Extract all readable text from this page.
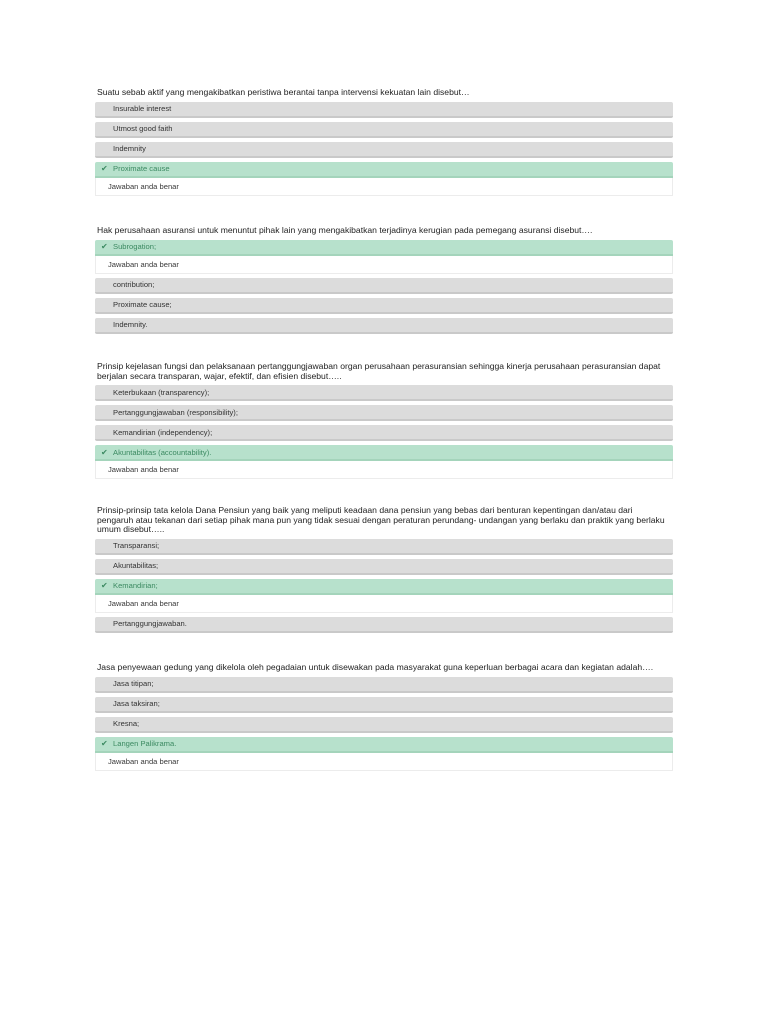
Suatu sebab aktif yang mengakibatkan peristiwa berantai tanpa intervensi kekuatan lain disebut…

Insurable interest
Utmost good faith
Indemnity
✔ Proximate cause
Jawaban anda benar

Hak perusahaan asuransi untuk menuntut pihak lain yang mengakibatkan terjadinya kerugian pada pemegang asuransi disebut….

✔ Subrogation;
Jawaban anda benar
contribution;
Proximate cause;
Indemnity.

Prinsip kejelasan fungsi dan pelaksanaan pertanggungjawaban organ perusahaan perasuransian sehingga kinerja perusahaan perasuransian dapat berjalan secara transparan, wajar, efektif, dan efisien disebut…..

Keterbukaan (transparency);
Pertanggungjawaban (responsibility);
Kemandirian (independency);
✔ Akuntabilitas (accountability).
Jawaban anda benar

Prinsip-prinsip tata kelola Dana Pensiun yang baik yang meliputi keadaan dana pensiun yang bebas dari benturan kepentingan dan/atau dari pengaruh atau tekanan dari setiap pihak mana pun yang tidak sesuai dengan peraturan perundang- undangan yang berlaku dan praktik yang berlaku umum disebut…..

Transparansi;
Akuntabilitas;
✔ Kemandirian;
Jawaban anda benar
Pertanggungjawaban.

Jasa penyewaan gedung yang dikelola oleh pegadaian untuk disewakan pada masyarakat guna keperluan berbagai acara dan kegiatan adalah….

Jasa titipan;
Jasa taksiran;
Kresna;
✔ Langen Palikrama.
Jawaban anda benar
